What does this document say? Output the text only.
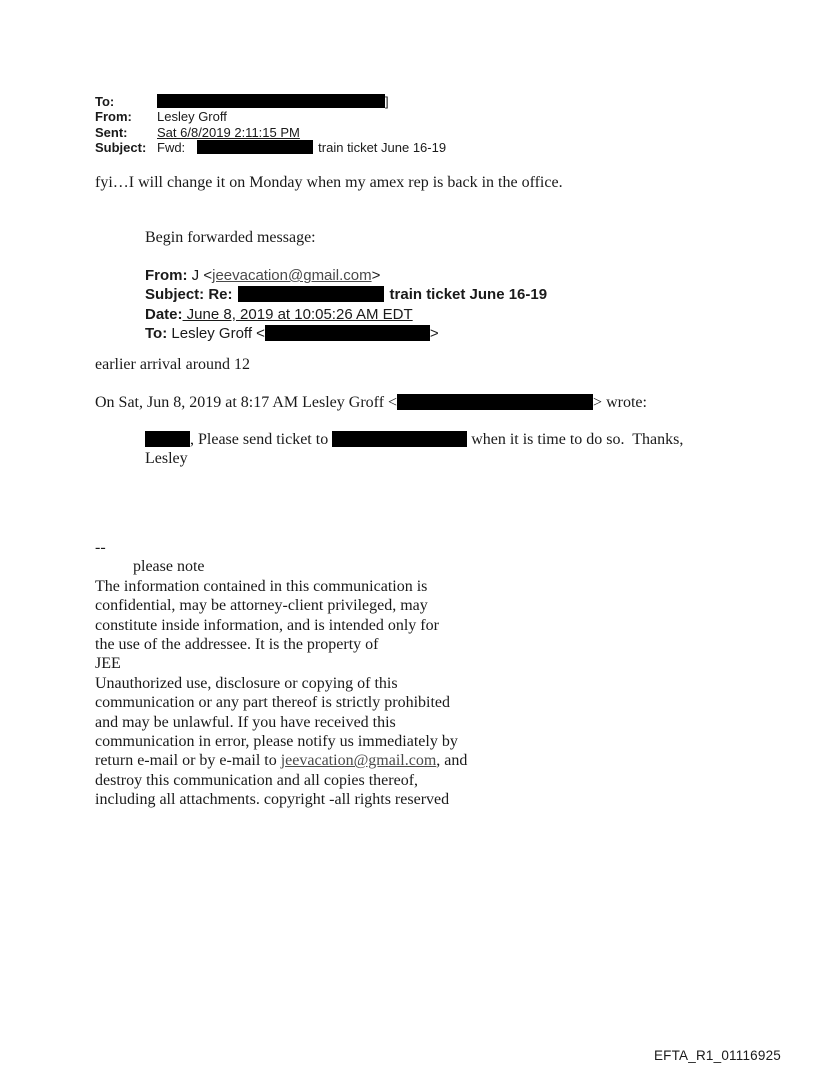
To:	]
From: Lesley Groff
Sent: Sat 6/8/2019 2:11:15 PM
Subject: Fwd:	train ticket June 16-19
fyi…I will change it on Monday when my amex rep is back in the office.
Begin forwarded message:
From: J <jeevacation@gmail.com>
Subject: Re:	train ticket June 16-19
Date: June 8, 2019 at 10:05:26 AM EDT
To: Lesley Groff <	>
earlier arrival around 12
On Sat, Jun 8, 2019 at 8:17 AM Lesley Groff <	> wrote:
, Please send ticket to	when it is time to do so.  Thanks,
Lesley
--
please note
The information contained in this communication is
confidential, may be attorney-client privileged, may
constitute inside information, and is intended only for
the use of the addressee. It is the property of
JEE
Unauthorized use, disclosure or copying of this
communication or any part thereof is strictly prohibited
and may be unlawful. If you have received this
communication in error, please notify us immediately by
return e-mail or by e-mail to jeevacation@gmail.com, and
destroy this communication and all copies thereof,
including all attachments. copyright -all rights reserved
EFTA_R1_01116925
